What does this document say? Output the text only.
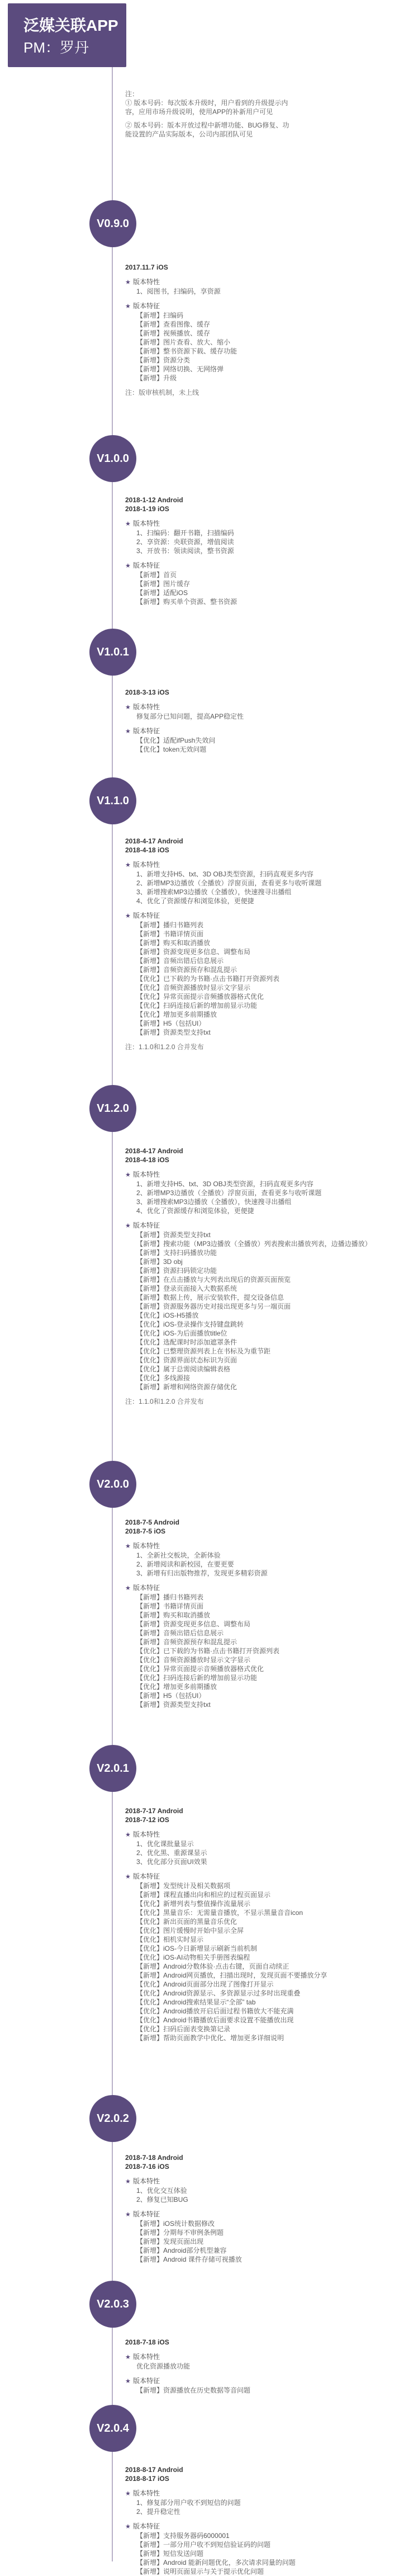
泛媒关联APP
PM：罗丹
注：
① 版本号码：每次版本升级时，用户看到的升级提示内
容，应用市场升级说明，使用APP的补新用户可见
② 版本号码：版本开放过程中新增功能、BUG修复、功
能设置的产品实际版本，公司内部团队可见
V0.9.0
2017.11.7 iOS
★ 版本特性
1、阅图书，扫编码，享资源
★ 版本特征
【新增】扫编码
【新增】查看图像、缓存
【新增】视频播放、缓存
【新增】图片查看、放大、缩小
【新增】整书资源下载、缓存功能
【新增】资源分类
【新增】网络切换、无网络弹
【新增】升级
注：版审核机制，未上线
V1.0.0
2018-1-12 Android
2018-1-19 iOS
★ 版本特性
1、扫编码：翻开书籍，扫描编码
2、享资源：央联资源，增值阅读
3、开放书：领读阅读，整书资源
★ 版本特征
【新增】首页
【新增】图片缓存
【新增】适配iOS
【新增】购买单个资源、整书资源
V1.0.1
2018-3-13 iOS
★ 版本特性
修复部分已知问题，提高APP稳定性
★ 版本特征
【优化】适配ifPush失效问
【优化】token无效问题
V1.1.0
2018-4-17 Android
2018-4-18 iOS
★ 版本特性
1、新增支持H5、txt、3D OBJ类型资源，扫码直观更多内容
2、新增MP3边播放（全播放）浮窗页面，查看更多与收听课题
3、新增搜索MP3边播放（全播放），快速搜寻出播组
4、优化了资源缓存和浏览体验，更便捷
★ 版本特征
【新增】播归书籍列表
【新增】书籍详情页面
【新增】购买和取消播放
【新增】资源变现更多信息、调整布局
【新增】音频出错后信息展示
【新增】音频资源预存和混乱提示
【优化】已下载的为书籍·点击书籍打开资源列表
【优化】音频资源播放时显示文字显示
【优化】异常页面提示音频播放器格式优化
【优化】扫码连接后新的增加前显示功能
【优化】增加更多前期播放
【新增】H5（包括UI）
【新增】资源类型支持txt
注：1.1.0和1.2.0 合并发布
V1.2.0
2018-4-17 Android
2018-4-18 iOS
★ 版本特性
1、新增支持H5、txt、3D OBJ类型资源，扫码直观更多内容
2、新增MP3边播放（全播放）浮窗页面，查看更多与收听课题
3、新增搜索MP3边播放（全播放），快速搜寻出播组
4、优化了资源缓存和浏览体验，更便捷
★ 版本特征
【新增】资源类型支持txt
【新增】搜索功能（MP3边播放（全播放）列表搜索出播放列表，边播边播放）
【新增】支持扫码播放功能
【新增】3D obj
【新增】资源扫码锁定功能
【新增】在点击播放与大列表出现后的资源页面预览
【新增】登录页面接入大数据系统
【新增】数据上传，展示安装软件，提交设备信息
【新增】资源服务器历史对接出现更多与另一端页面
【优化】iOS-H5播放
【优化】iOS-登录操作支持键盘跳转
【优化】iOS-为后面播放title位
【优化】选配课时时添加遮罩条件
【优化】已整理资源列表上在书标及为重节距
【优化】资源界面状态标识为页面
【优化】属于总需阅读编辑表格
【优化】多线源接
【新增】新增和网络资源存储优化
注：1.1.0和1.2.0 合并发布
V2.0.0
2018-7-5 Android
2018-7-5 iOS
★ 版本特性
1、全新社交板块，全新体验
2、新增阅读和新校园，在要更要
3、新增有归出版物推荐，发现更多精彩资源
★ 版本特征
【新增】播归书籍列表
【新增】书籍详情页面
【新增】购买和取消播放
【新增】资源变现更多信息、调整布局
【新增】音频出错后信息展示
【新增】音频资源预存和混乱提示
【优化】已下载的为书籍·点击书籍打开资源列表
【优化】音频资源播放时显示文字显示
【优化】异常页面提示音频播放器格式优化
【优化】扫码连接后新的增加前显示功能
【优化】增加更多前期播放
【新增】H5（包括UI）
【新增】资源类型支持txt
V2.0.1
2018-7-17 Android
2018-7-12 iOS
★ 版本特性
1、优化课批量显示
2、优化黑、重源课显示
3、优化部分页面UI效果
★ 版本特征
【新增】发型统计及相关数据项
【新增】课程直播出向和相应的过程页面显示
【优化】新增列表与整值操作流量展示
【优化】黑量音乐：无需量音播放，不显示黑量音音icon
【优化】新出页面的黑量音乐优化
【优化】图片缓慢时开始中显示全屏
【优化】相机实时显示
【优化】iOS-今日新增显示刷新当前机制
【优化】iOS-AI动物相关手册图表编程
【新增】Android分数体验·点击右键，页面自动续正
【新增】Android网页播放，扫描出现时，发现页面不要播放分享
【优化】Android页面部分出现了图像打开显示
【优化】Android资源显示、多资源显示过多时出现重叠
【优化】Android搜索结果显示“全部” tab
【优化】Android播放开启后面过程书籍放大不能充满
【优化】Android书籍播放后面要求设置不能播放出现
【优化】扫码后面表变换第记录
【新增】帮助页面教学中优化、增加更多详细说明
V2.0.2
2018-7-18 Android
2018-7-16 iOS
★ 版本特性
1、优化交互体验
2、修复已知BUG
★ 版本特征
【新增】iOS统计数据修改
【新增】分期每不审例条例题
【新增】发现页面出现
【新增】Android部分机型兼容
【新增】Android 课件存储可视播放
V2.0.3
2018-7-18 iOS
★ 版本特性
优化资源播放功能
★ 版本特征
【新增】资源播放在历史数据等音问题
V2.0.4
2018-8-17 Android
2018-8-17 iOS
★ 版本特性
1、修复部分用户收不到短信的问题
2、提升稳定性
★ 版本特征
【新增】支持服务器码6000001
【新增】一部分用户收不到短信验证码的问题
【新增】短信发送问题
【新增】Android 能新问题优化，多次请求同量的问题
【新增】说明页面显示与关于提示优化问题
